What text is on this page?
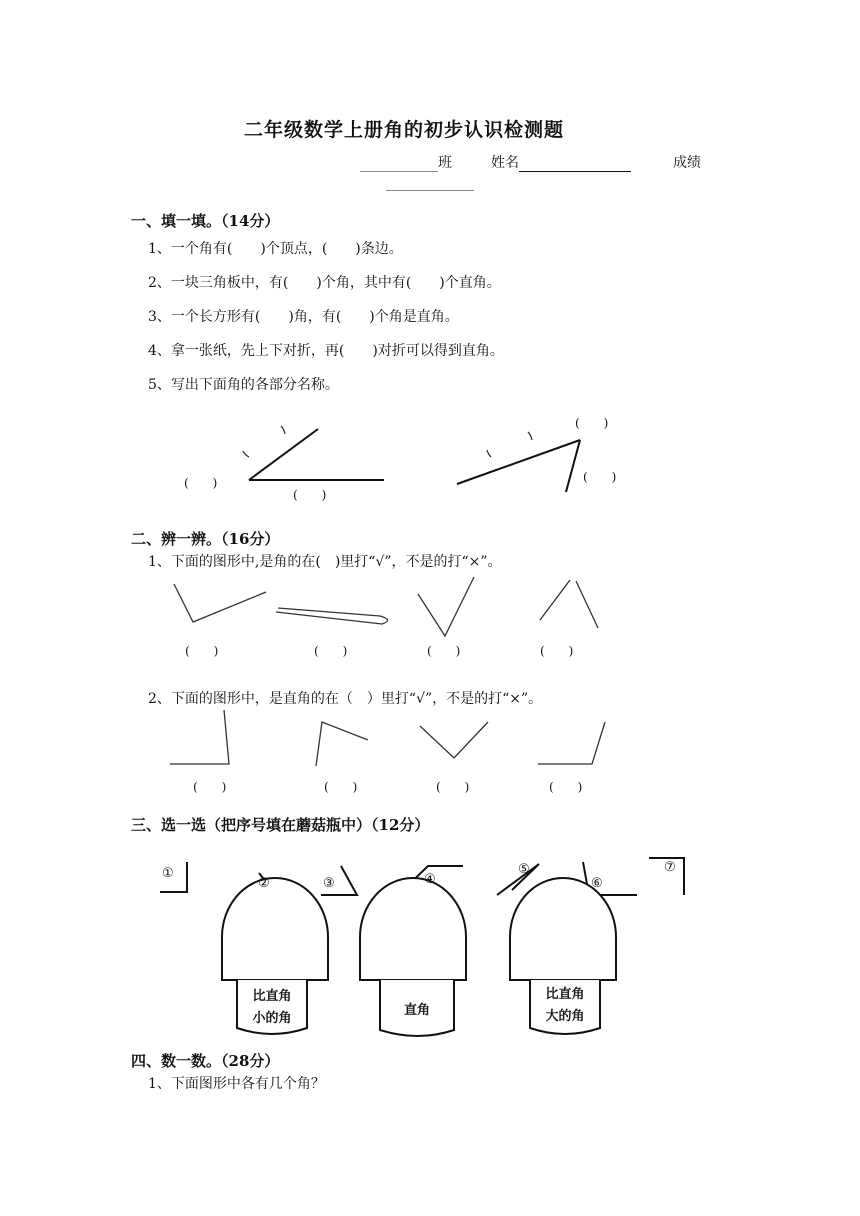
二年级数学上册角的初步认识检测题
班	姓名	成绩
一、填一填。（14分）
1、一个角有(　　)个顶点，(　　)条边。
2、一块三角板中，有(　　)个角，其中有(　　)个直角。
3、一个长方形有(　　)角，有(　　)个角是直角。
4、拿一张纸，先上下对折，再(　　)对折可以得到直角。
5、写出下面角的各部分名称。
(　　)
(　　)
(　　)
(　　)
二、辨一辨。（16分）
1、下面的图形中,是角的在(　)里打“√”，不是的打“×”。
(　　)	(　　)	(　　)	(　　)
2、下面的图形中，是直角的在（　）里打“√”，不是的打“×”。
(　　)	(　　)	(　　)	(　　)
三、选一选（把序号填在蘑菇瓶中）（12分）
①
②	③	④
⑤
⑥
⑦
比直角
小的角
直角
比直角
大的角
四、数一数。（28分）
1、下面图形中各有几个角？
